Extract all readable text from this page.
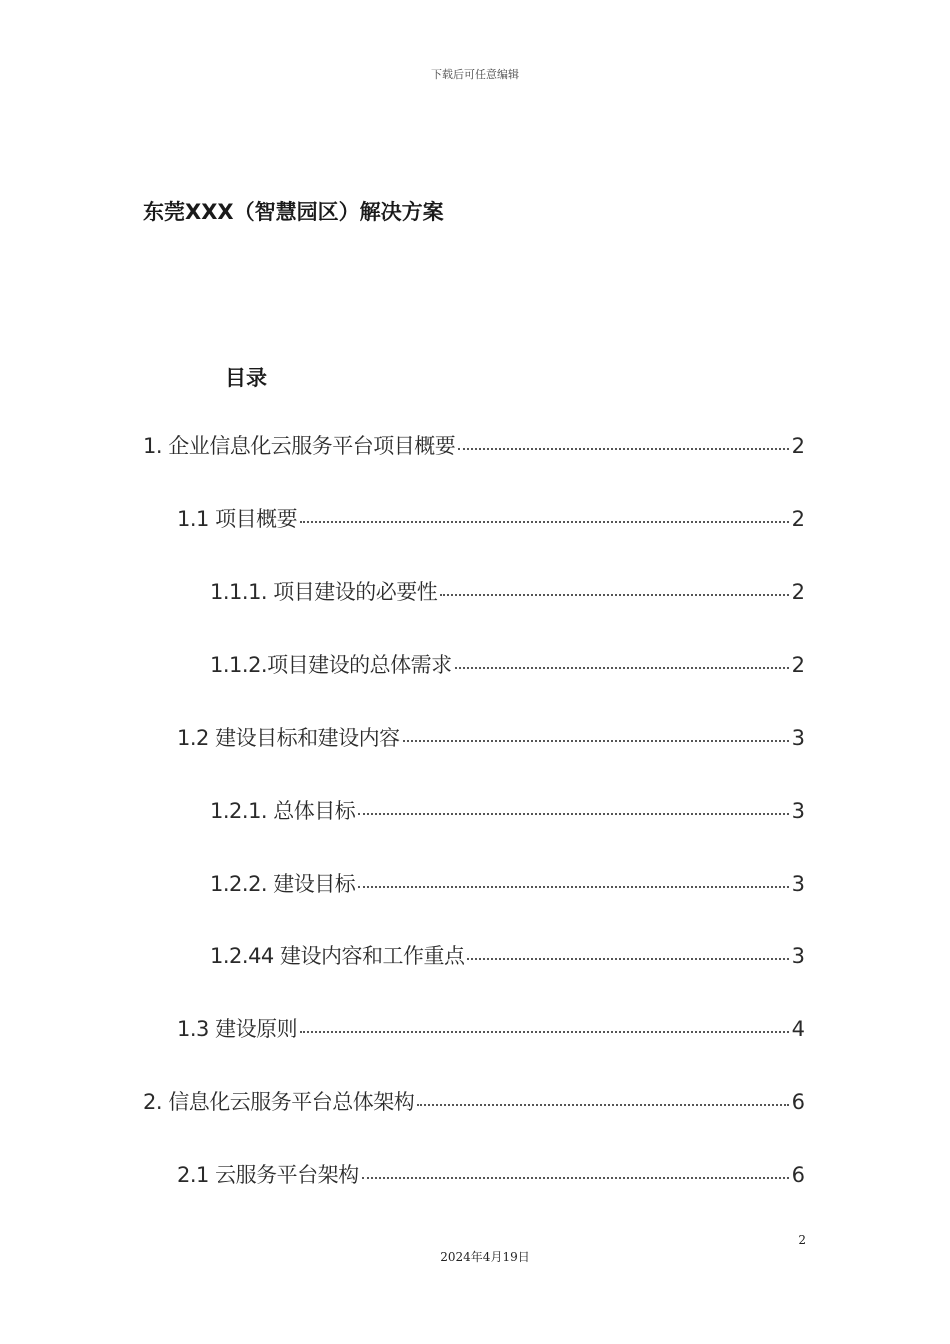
下载后可任意编辑
东莞XXX（智慧园区）解决方案
目录
1. 企业信息化云服务平台项目概要	2
1.1 项目概要	2
1.1.1. 项目建设的必要性	2
1.1.2.项目建设的总体需求	2
1.2 建设目标和建设内容	3
1.2.1. 总体目标	3
1.2.2. 建设目标	3
1.2.44 建设内容和工作重点	3
1.3 建设原则	4
2. 信息化云服务平台总体架构	6
2.1 云服务平台架构	6
2
2024年4月19日
